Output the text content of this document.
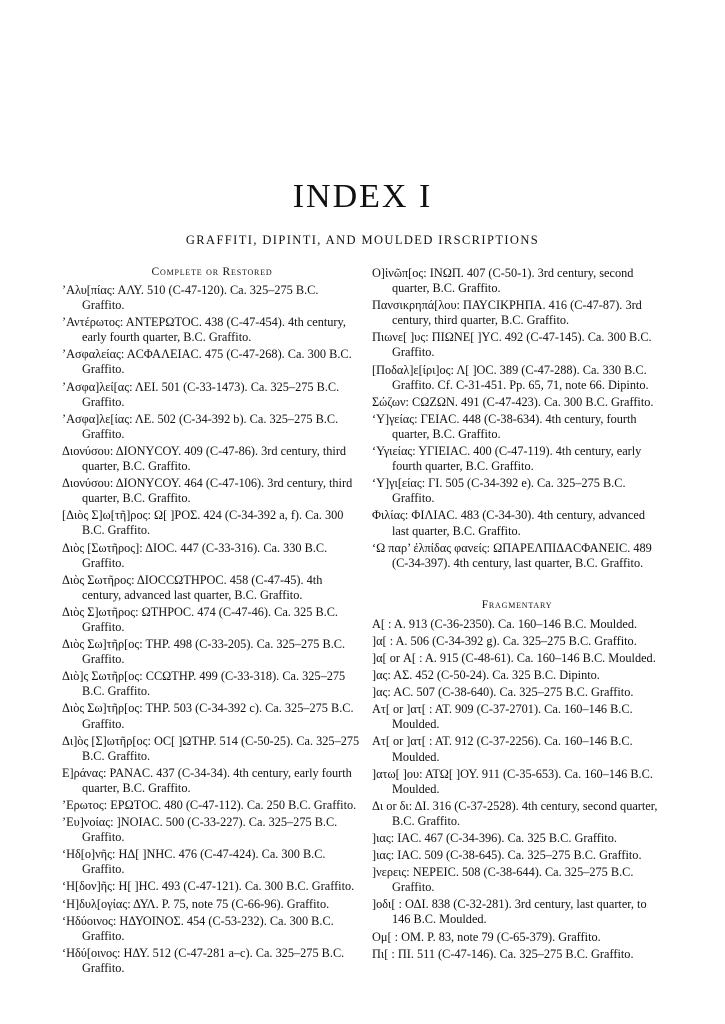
INDEX I
GRAFFITI, DIPINTI, AND MOULDED IRSCRIPTIONS
Complete or Restored
’Αλυ[πίας: ΑΛΥ. 510 (C-47-120). Ca. 325–275 B.C. Graffito.
’Αντέρωτος: ΑΝΤΕΡΩΤΟC. 438 (C-47-454). 4th century, early fourth quarter, B.C. Graffito.
’Ασφαλείας: ΑCΦΑΛΕΙΑC. 475 (C-47-268). Ca. 300 B.C. Graffito.
’Ασφα]λεί[ας: ΛΕΙ. 501 (C-33-1473). Ca. 325–275 B.C. Graffito.
’Ασφα]λε[ίας: ΛΕ. 502 (C-34-392 b). Ca. 325–275 B.C. Graffito.
Διονύσου: ΔΙΟΝΥCΟΥ. 409 (C-47-86). 3rd century, third quarter, B.C. Graffito.
Διονύσου: ΔΙΟΝΥCΟΥ. 464 (C-47-106). 3rd century, third quarter, B.C. Graffito.
[Διὸς Σ]ω[τῆ]ρος: Ω[ ]ΡΟΣ. 424 (C-34-392 a, f). Ca. 300 B.C. Graffito.
Διὸς [Σωτῆρος]: ΔΙΟC. 447 (C-33-316). Ca. 330 B.C. Graffito.
Διὸς Σωτῆρος: ΔΙΟCCΩΤΗΡΟC. 458 (C-47-45). 4th century, advanced last quarter, B.C. Graffito.
Διὸς Σ]ωτῆρος: ΩΤΗΡΟC. 474 (C-47-46). Ca. 325 B.C. Graffito.
Διὸς Σω]τῆρ[ος: ΤΗΡ. 498 (C-33-205). Ca. 325–275 B.C. Graffito.
Διὸ]ς Σωτῆρ[ος: CCΩΤΗΡ. 499 (C-33-318). Ca. 325–275 B.C. Graffito.
Διὸς Σω]τῆρ[ος: ΤΗΡ. 503 (C-34-392 c). Ca. 325–275 B.C. Graffito.
Δι]ὸς [Σ]ωτῆρ[ος: ΟC[ ]ΩΤΗΡ. 514 (C-50-25). Ca. 325–275 B.C. Graffito.
Ε]ράνας: ΡΑΝΑC. 437 (C-34-34). 4th century, early fourth quarter, B.C. Graffito.
’Ερωτος: ΕΡΩΤΟC. 480 (C-47-112). Ca. 250 B.C. Graffito.
’Ευ]νοίας: ]ΝΟΙΑC. 500 (C-33-227). Ca. 325–275 B.C. Graffito.
‘Ηδ[ο]νῆς: ΗΔ[ ]ΝΗC. 476 (C-47-424). Ca. 300 B.C. Graffito.
‘Η[δον]ῆς: Η[ ]ΗC. 493 (C-47-121). Ca. 300 B.C. Graffito.
‘Η]δυλ[ογίας: ΔΥΛ. P. 75, note 75 (C-66-96). Graffito.
‘Ηδύοινος: ΗΔΥΟΙΝΟΣ. 454 (C-53-232). Ca. 300 B.C. Graffito.
‘Ηδύ[οινος: ΗΔΥ. 512 (C-47-281 a–c). Ca. 325–275 B.C. Graffito.
Ο]ἰνῶπ[ος: ΙΝΩΠ. 407 (C-50-1). 3rd century, second quarter, B.C. Graffito.
Πανσικρηπά[λου: ΠΑΥCΙΚΡΗΠΑ. 416 (C-47-87). 3rd century, third quarter, B.C. Graffito.
Πιωνε[ ]υς: ΠΙΩΝΕ[ ]ΥC. 492 (C-47-145). Ca. 300 B.C. Graffito.
[Ποδαλ]ε[ίρι]ος: Λ[ ]ΟC. 389 (C-47-288). Ca. 330 B.C. Graffito. Cf. C-31-451. Pp. 65, 71, note 66. Dipinto.
Σώζων: CΩΖΩΝ. 491 (C-47-423). Ca. 300 B.C. Graffito.
‘Υ]γείας: ΓΕΙΑC. 448 (C-38-634). 4th century, fourth quarter, B.C. Graffito.
‘Υγιείας: ΥΓΙΕΙΑC. 400 (C-47-119). 4th century, early fourth quarter, B.C. Graffito.
‘Υ]γι[είας: ΓΙ. 505 (C-34-392 e). Ca. 325–275 B.C. Graffito.
Φιλίας: ΦΙΛΙΑC. 483 (C-34-30). 4th century, advanced last quarter, B.C. Graffito.
‘Ω παρ’ ἐλπίδας φανείς: ΩΠΑΡΕΛΠΙΔΑCΦΑΝΕΙC. 489 (C-34-397). 4th century, last quarter, B.C. Graffito.
Fragmentary
Α[ : Α. 913 (C-36-2350). Ca. 160–146 B.C. Moulded.
]α[ : Α. 506 (C-34-392 g). Ca. 325–275 B.C. Graffito.
]α[ or Α[ : Α. 915 (C-48-61). Ca. 160–146 B.C. Moulded.
]ας: ΑΣ. 452 (C-50-24). Ca. 325 B.C. Dipinto.
]ας: ΑC. 507 (C-38-640). Ca. 325–275 B.C. Graffito.
Ατ[ or ]ατ[ : ΑΤ. 909 (C-37-2701). Ca. 160–146 B.C. Moulded.
Ατ[ or ]ατ[ : ΑΤ. 912 (C-37-2256). Ca. 160–146 B.C. Moulded.
]ατω[ ]ου: ΑΤΩ[ ]ΟΥ. 911 (C-35-653). Ca. 160–146 B.C. Moulded.
Δι or δι: ΔΙ. 316 (C-37-2528). 4th century, second quarter, B.C. Graffito.
]ιας: ΙΑC. 467 (C-34-396). Ca. 325 B.C. Graffito.
]ιας: ΙΑC. 509 (C-38-645). Ca. 325–275 B.C. Graffito.
]νερεις: ΝΕΡΕΙC. 508 (C-38-644). Ca. 325–275 B.C. Graffito.
]οδι[ : ΟΔΙ. 838 (C-32-281). 3rd century, last quarter, to 146 B.C. Moulded.
Ομ[ : ΟΜ. P. 83, note 79 (C-65-379). Graffito.
Πι[ : ΠΙ. 511 (C-47-146). Ca. 325–275 B.C. Graffito.
